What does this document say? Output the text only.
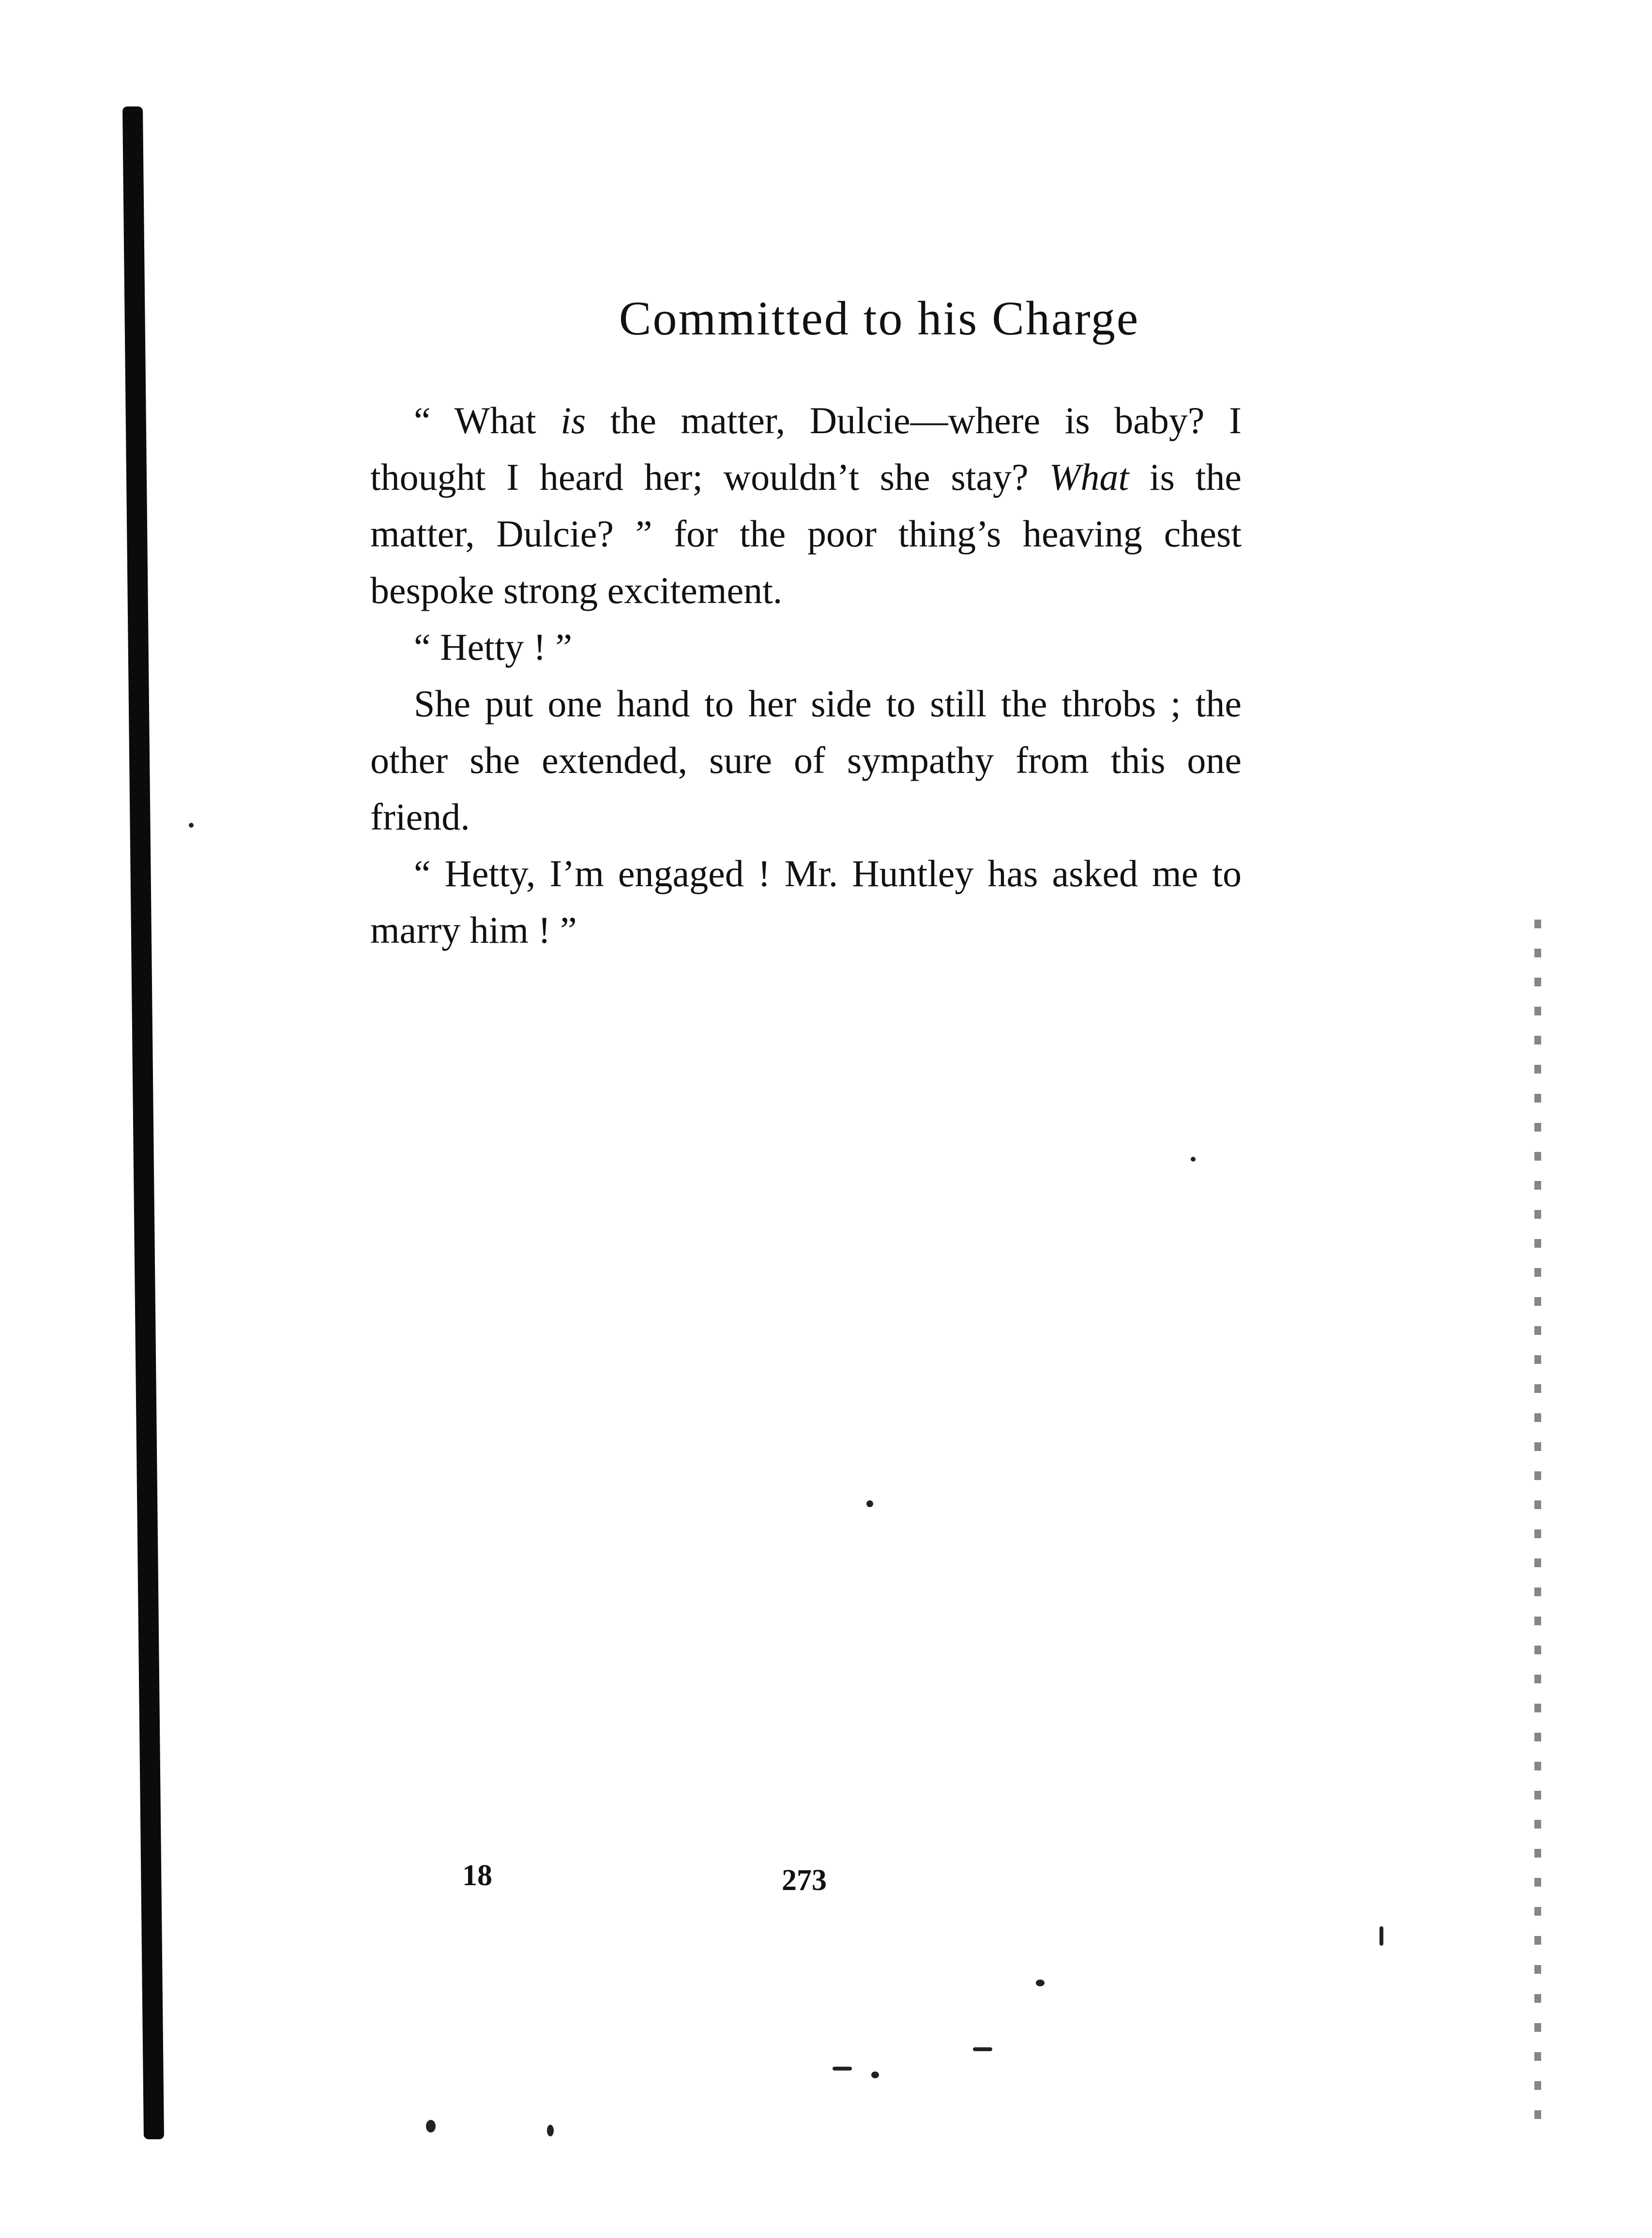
Committed to his Charge

“ What is the matter, Dulcie—where is baby? I thought I heard her; wouldn’t she stay? What is the matter, Dulcie? ” for the poor thing’s heaving chest bespoke strong excitement.

“ Hetty ! ”

She put one hand to her side to still the throbs ; the other she extended, sure of sympathy from this one friend.

“ Hetty, I’m engaged ! Mr. Huntley has asked me to marry him ! ”

18	273
